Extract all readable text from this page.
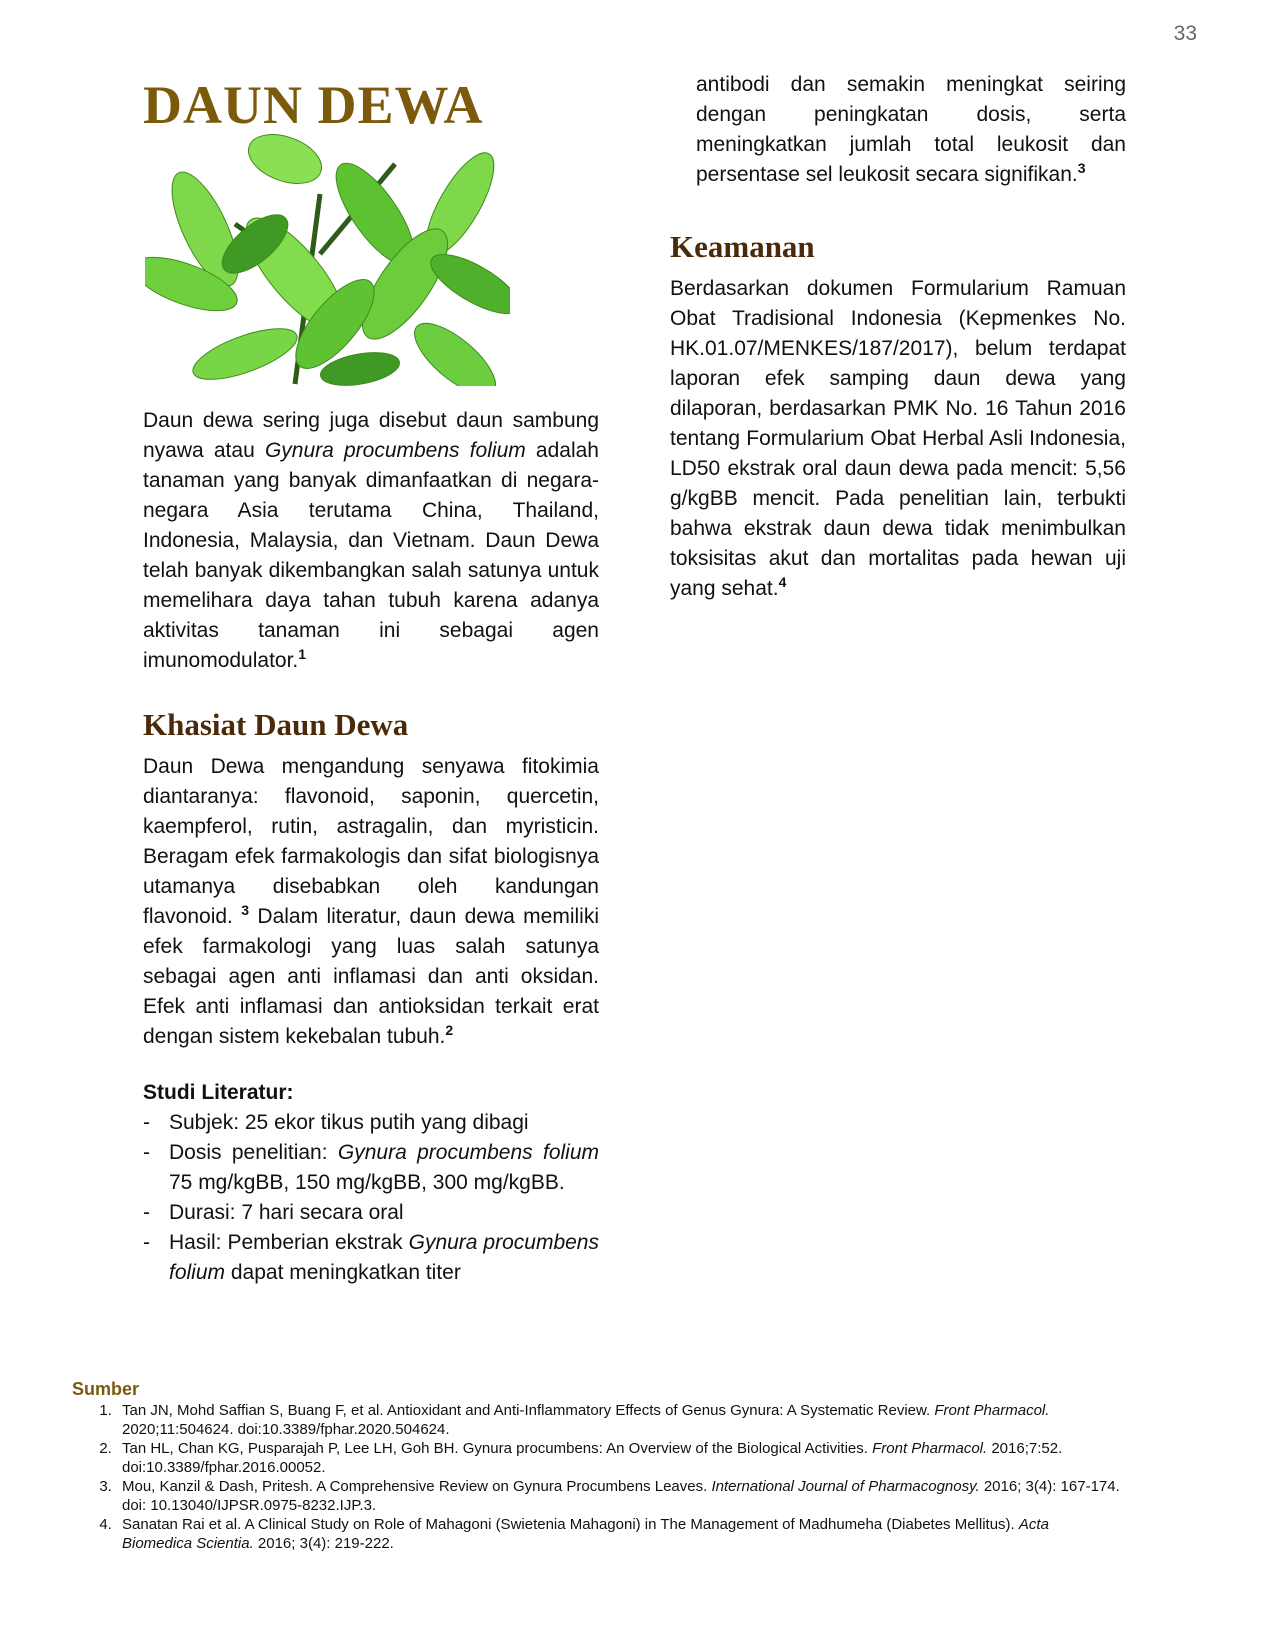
33
DAUN DEWA

Daun dewa sering juga disebut daun sambung nyawa atau Gynura procumbens folium adalah tanaman yang banyak dimanfaatkan di negara-negara Asia terutama China, Thailand, Indonesia, Malaysia, dan Vietnam. Daun Dewa telah banyak dikembangkan salah satunya untuk memelihara daya tahan tubuh karena adanya aktivitas tanaman ini sebagai agen imunomodulator.$^1$

Khasiat Daun Dewa

Daun Dewa mengandung senyawa fitokimia diantaranya: flavonoid, saponin, quercetin, kaempferol, rutin, astragalin, dan myristicin. Beragam efek farmakologis dan sifat biologisnya utamanya disebabkan oleh kandungan flavonoid. $^3$ Dalam literatur, daun dewa memiliki efek farmakologi yang luas salah satunya sebagai agen anti inflamasi dan anti oksidan. Efek anti inflamasi dan antioksidan terkait erat dengan sistem kekebalan tubuh.$^2$

Studi Literatur:
- Subjek: 25 ekor tikus putih yang dibagi
- Dosis penelitian: Gynura procumbens folium 75 mg/kgBB, 150 mg/kgBB, 300 mg/kgBB.
- Durasi: 7 hari secara oral
- Hasil: Pemberian ekstrak Gynura procumbens folium dapat meningkatkan titer

antibodi dan semakin meningkat seiring dengan peningkatan dosis, serta meningkatkan jumlah total leukosit dan persentase sel leukosit secara signifikan.$^3$

Keamanan

Berdasarkan dokumen Formularium Ramuan Obat Tradisional Indonesia (Kepmenkes No. HK.01.07/MENKES/187/2017), belum terdapat laporan efek samping daun dewa yang dilaporan, berdasarkan PMK No. 16 Tahun 2016 tentang Formularium Obat Herbal Asli Indonesia, LD50 ekstrak oral daun dewa pada mencit: 5,56 g/kgBB mencit. Pada penelitian lain, terbukti bahwa ekstrak daun dewa tidak menimbulkan toksisitas akut dan mortalitas pada hewan uji yang sehat.$^4$

Sumber
1. Tan JN, Mohd Saffian S, Buang F, et al. Antioxidant and Anti-Inflammatory Effects of Genus Gynura: A Systematic Review. Front Pharmacol. 2020;11:504624. doi:10.3389/fphar.2020.504624.
2. Tan HL, Chan KG, Pusparajah P, Lee LH, Goh BH. Gynura procumbens: An Overview of the Biological Activities. Front Pharmacol. 2016;7:52. doi:10.3389/fphar.2016.00052.
3. Mou, Kanzil & Dash, Pritesh. A Comprehensive Review on Gynura Procumbens Leaves. International Journal of Pharmacognosy. 2016; 3(4): 167-174. doi: 10.13040/IJPSR.0975-8232.IJP.3.
4. Sanatan Rai et al. A Clinical Study on Role of Mahagoni (Swietenia Mahagoni) in The Management of Madhumeha (Diabetes Mellitus). Acta Biomedica Scientia. 2016; 3(4): 219-222.
